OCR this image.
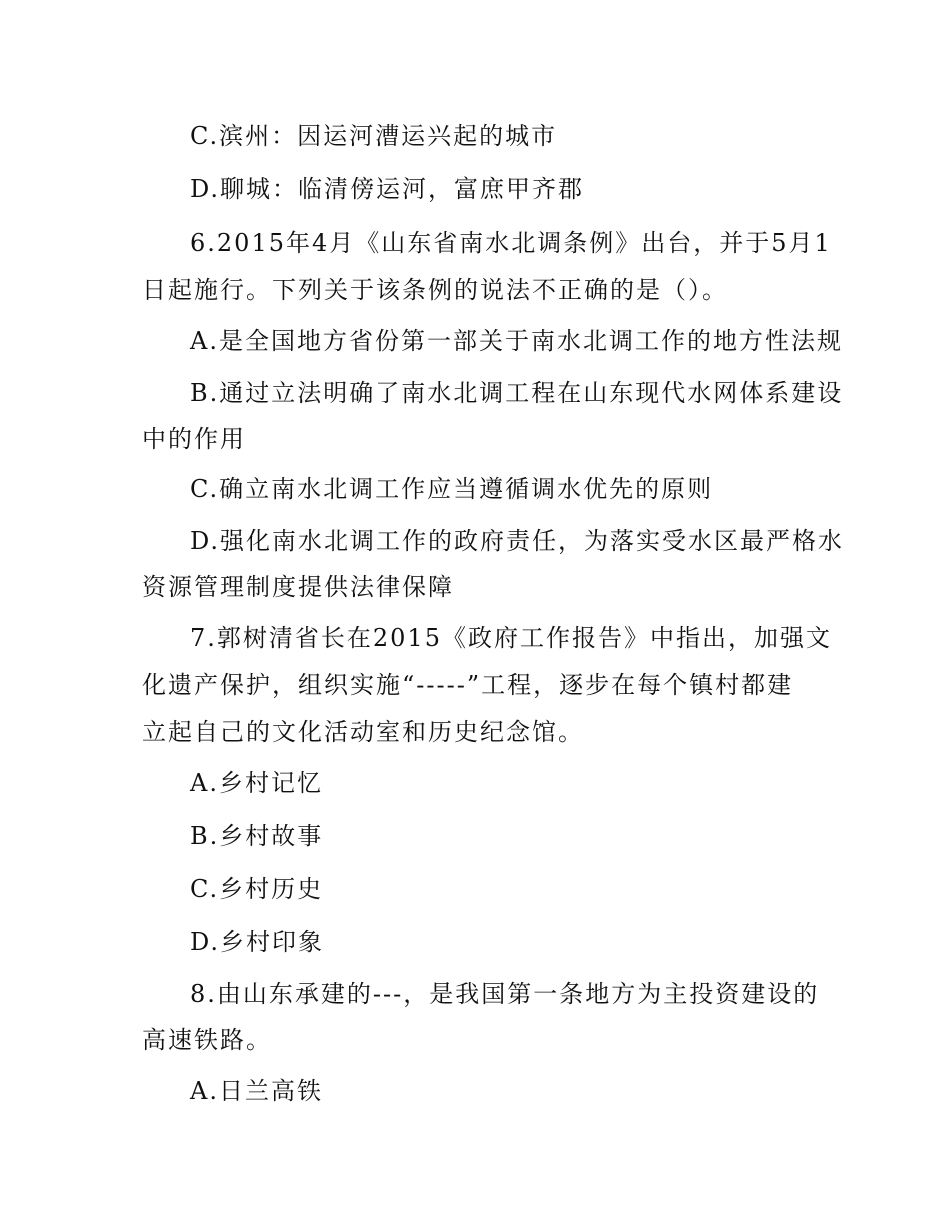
C.滨州：因运河漕运兴起的城市
D.聊城：临清傍运河，富庶甲齐郡
6.2015年4月《山东省南水北调条例》出台，并于5月1
日起施行。下列关于该条例的说法不正确的是（）。
A.是全国地方省份第一部关于南水北调工作的地方性法规
B.通过立法明确了南水北调工程在山东现代水网体系建设
中的作用
C.确立南水北调工作应当遵循调水优先的原则
D.强化南水北调工作的政府责任，为落实受水区最严格水
资源管理制度提供法律保障
7.郭树清省长在2015《政府工作报告》中指出，加强文
化遗产保护，组织实施“-----”工程，逐步在每个镇村都建
立起自己的文化活动室和历史纪念馆。
A.乡村记忆
B.乡村故事
C.乡村历史
D.乡村印象
8.由山东承建的---，是我国第一条地方为主投资建设的
高速铁路。
A.日兰高铁
